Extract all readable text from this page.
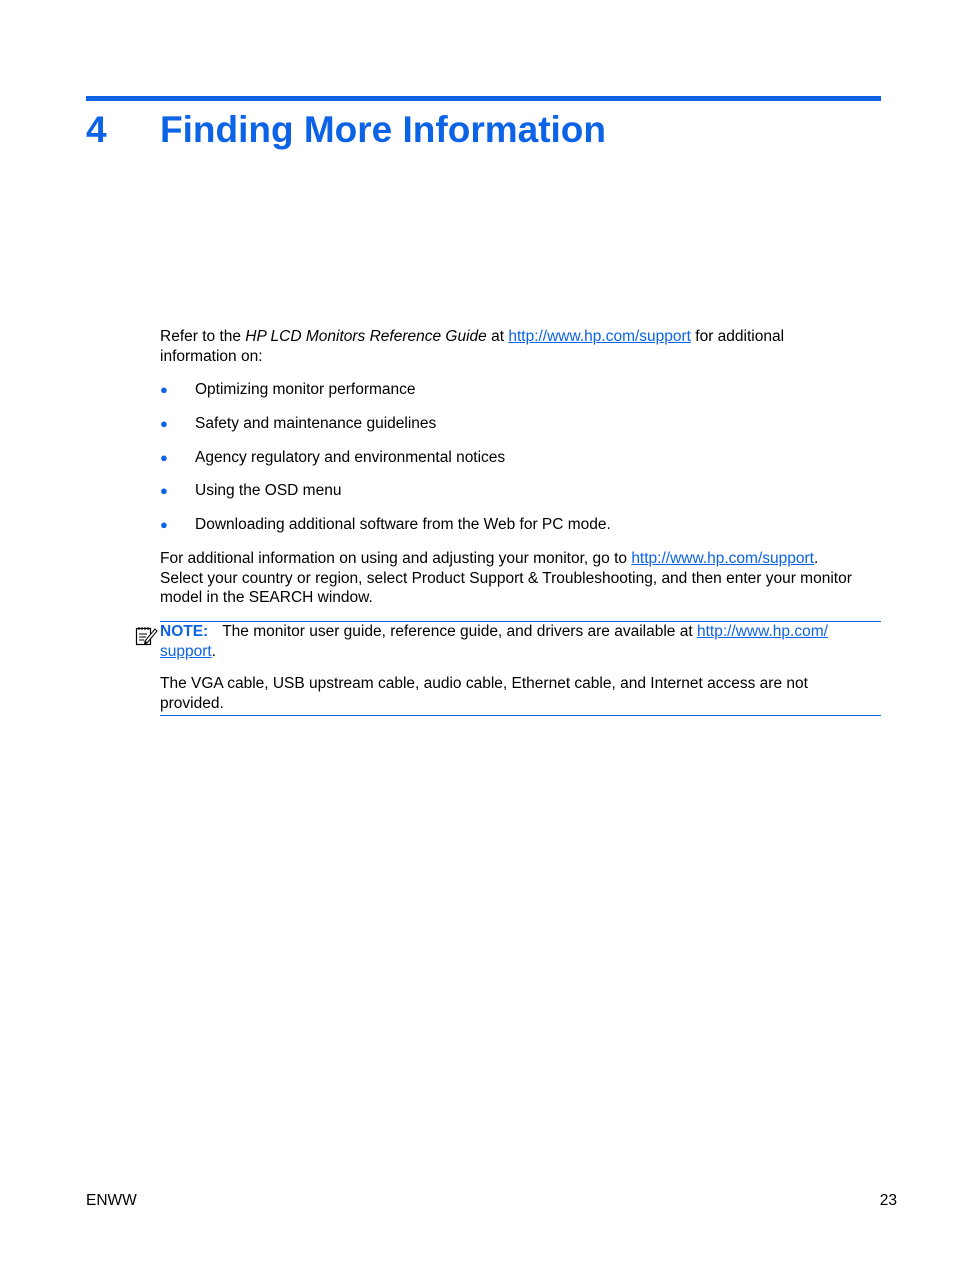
4 Finding More Information
Refer to the HP LCD Monitors Reference Guide at http://www.hp.com/support for additional
information on:
● Optimizing monitor performance
● Safety and maintenance guidelines
● Agency regulatory and environmental notices
● Using the OSD menu
● Downloading additional software from the Web for PC mode.
For additional information on using and adjusting your monitor, go to http://www.hp.com/support.
Select your country or region, select Product Support & Troubleshooting, and then enter your monitor
model in the SEARCH window.
NOTE: The monitor user guide, reference guide, and drivers are available at http://www.hp.com/
support.
The VGA cable, USB upstream cable, audio cable, Ethernet cable, and Internet access are not
provided.
ENWW	23
